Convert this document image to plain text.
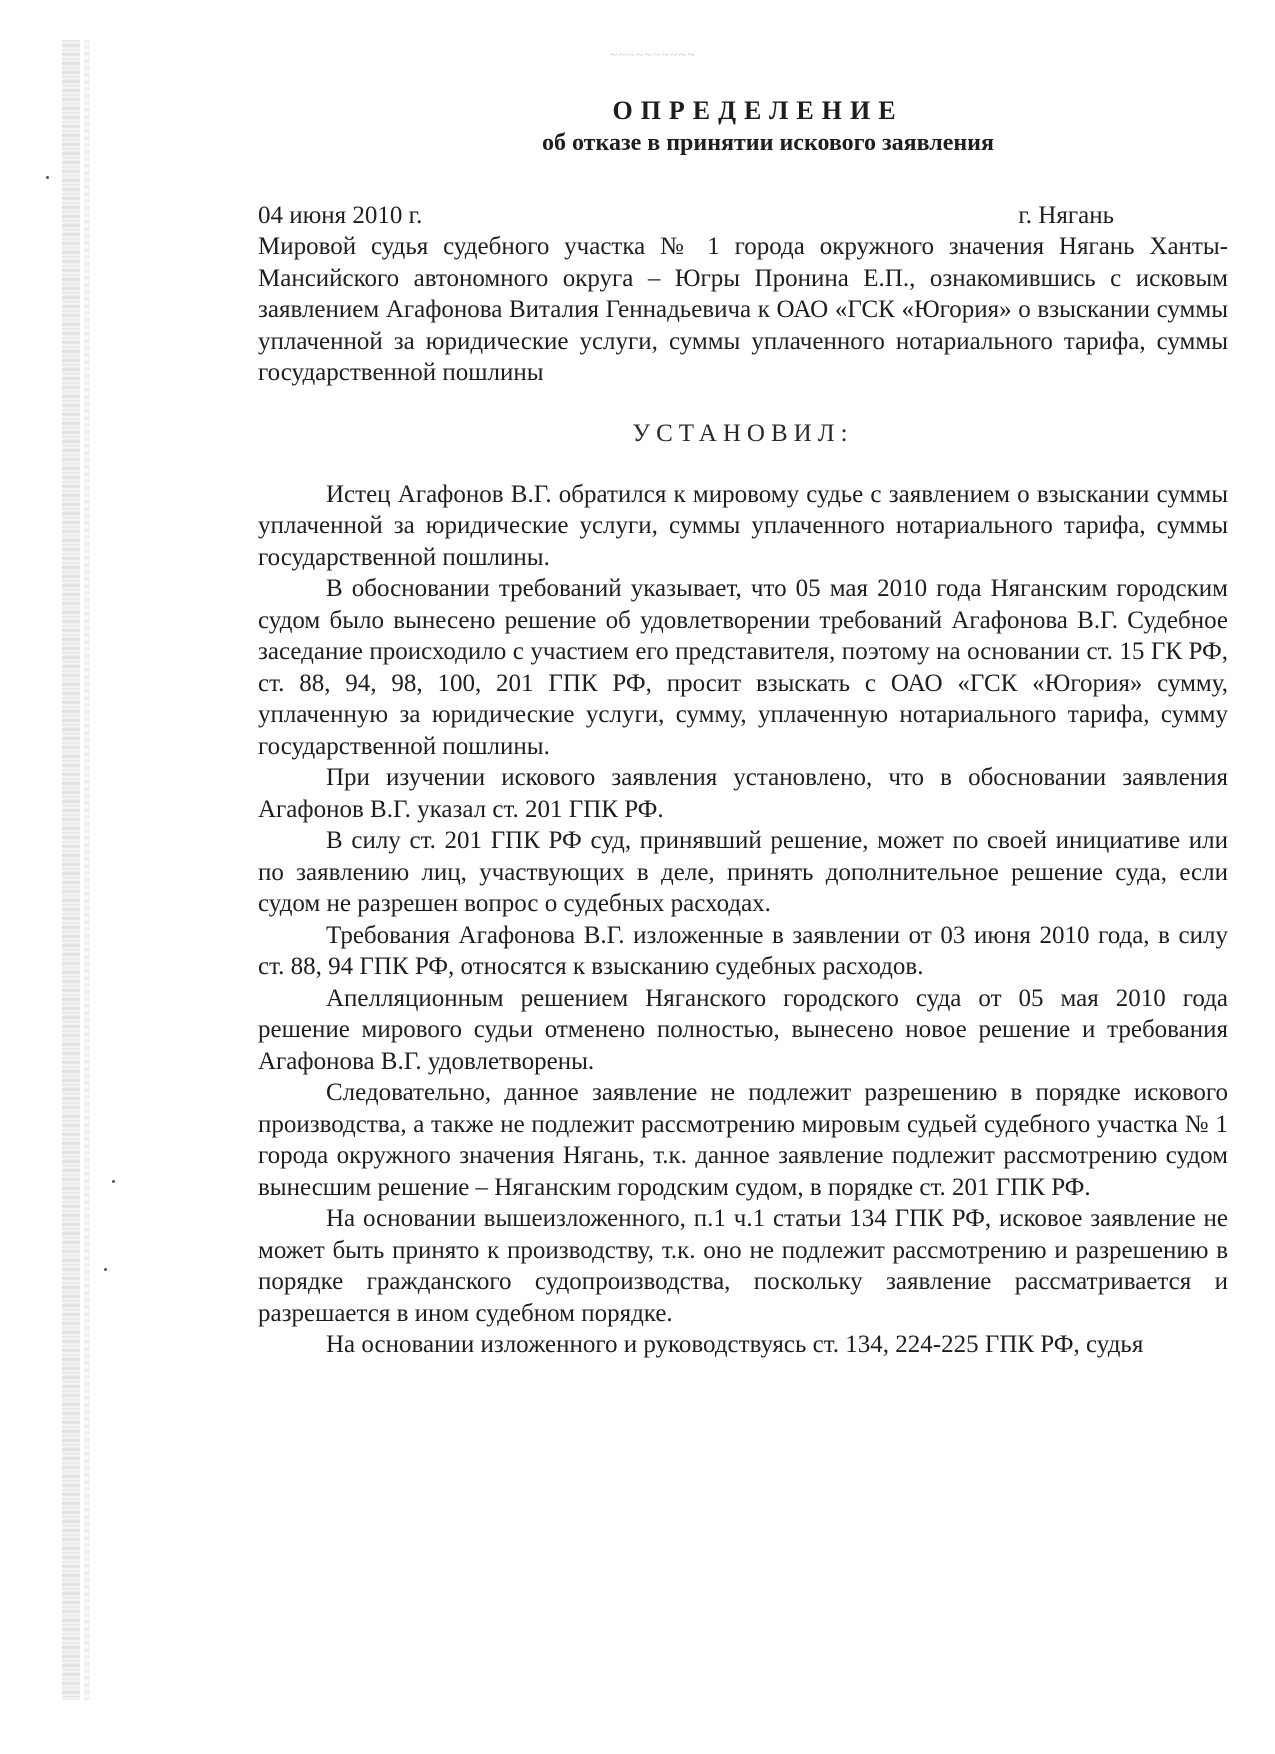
~~~~~~~~~~
ОПРЕДЕЛЕНИЕ
об отказе в принятии искового заявления
04 июня 2010 г.	г. Нягань

Мировой судья судебного участка № 1 города окружного значения Нягань Ханты-Мансийского автономного округа – Югры Пронина Е.П., ознакомившись с исковым заявлением Агафонова Виталия Геннадьевича к ОАО «ГСК «Югория» о взыскании суммы уплаченной за юридические услуги, суммы уплаченного нотариального тарифа, суммы государственной пошлины

УСТАНОВИЛ:

Истец Агафонов В.Г. обратился к мировому судье с заявлением о взыскании суммы уплаченной за юридические услуги, суммы уплаченного нотариального тарифа, суммы государственной пошлины.

В обосновании требований указывает, что 05 мая 2010 года Няганским городским судом было вынесено решение об удовлетворении требований Агафонова В.Г. Судебное заседание происходило с участием его представителя, поэтому на основании ст. 15 ГК РФ, ст. 88, 94, 98, 100, 201 ГПК РФ, просит взыскать с ОАО «ГСК «Югория» сумму, уплаченную за юридические услуги, сумму, уплаченную нотариального тарифа, сумму государственной пошлины.

При изучении искового заявления установлено, что в обосновании заявления Агафонов В.Г. указал ст. 201 ГПК РФ.

В силу ст. 201 ГПК РФ суд, принявший решение, может по своей инициативе или по заявлению лиц, участвующих в деле, принять дополнительное решение суда, если судом не разрешен вопрос о судебных расходах.

Требования Агафонова В.Г. изложенные в заявлении от 03 июня 2010 года, в силу ст. 88, 94 ГПК РФ, относятся к взысканию судебных расходов.

Апелляционным решением Няганского городского суда от 05 мая 2010 года решение мирового судьи отменено полностью, вынесено новое решение и требования Агафонова В.Г. удовлетворены.

Следовательно, данное заявление не подлежит разрешению в порядке искового производства, а также не подлежит рассмотрению мировым судьей судебного участка № 1 города окружного значения Нягань, т.к. данное заявление подлежит рассмотрению судом вынесшим решение – Няганским городским судом, в порядке ст. 201 ГПК РФ.

На основании вышеизложенного, п.1 ч.1 статьи 134 ГПК РФ, исковое заявление не может быть принято к производству, т.к. оно не подлежит рассмотрению и разрешению в порядке гражданского судопроизводства, поскольку заявление рассматривается и разрешается в ином судебном порядке.

На основании изложенного и руководствуясь ст. 134, 224-225 ГПК РФ, судья
